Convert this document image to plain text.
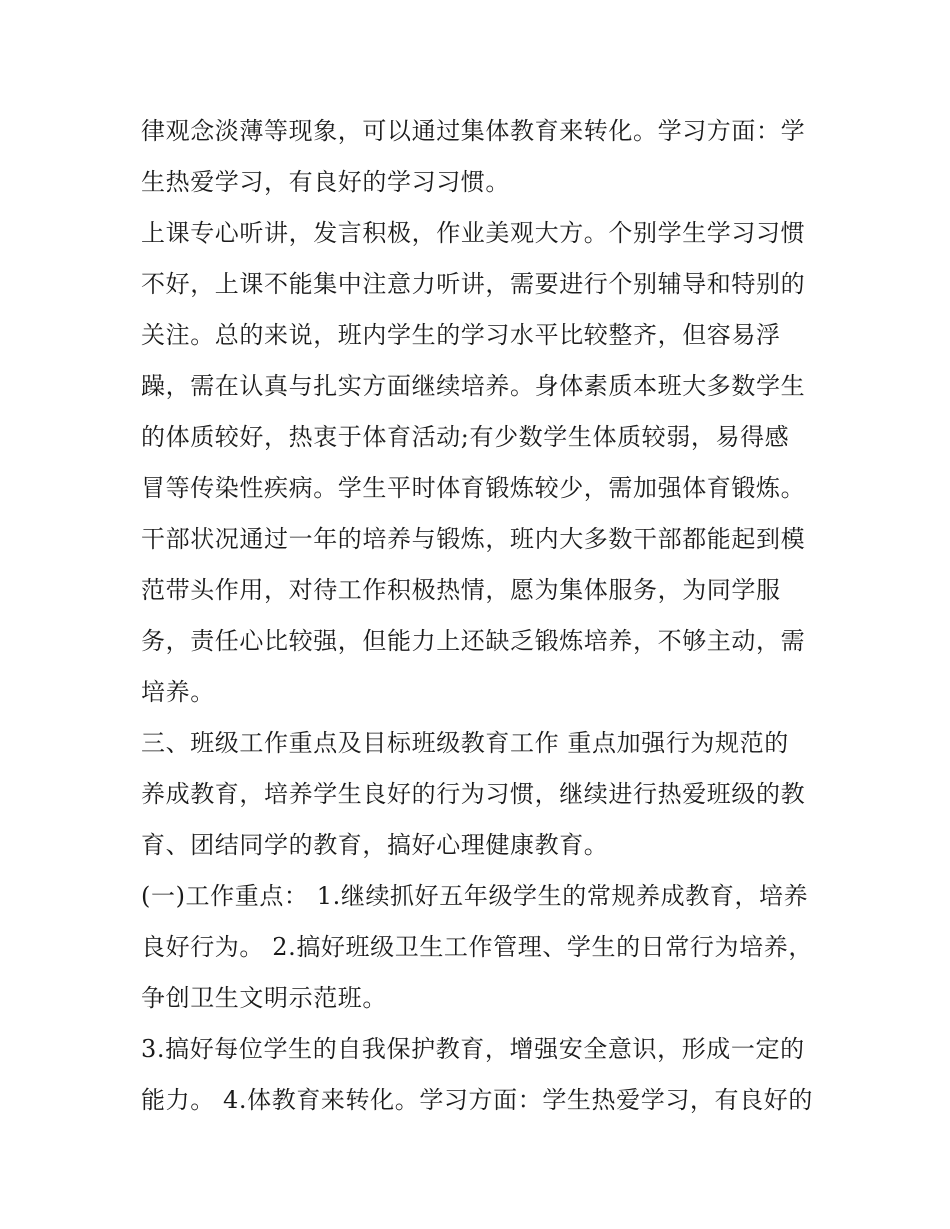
律观念淡薄等现象，可以通过集体教育来转化。学习方面：学
生热爱学习，有良好的学习习惯。
上课专心听讲，发言积极，作业美观大方。个别学生学习习惯
不好，上课不能集中注意力听讲，需要进行个别辅导和特别的
关注。总的来说，班内学生的学习水平比较整齐，但容易浮
躁，需在认真与扎实方面继续培养。身体素质本班大多数学生
的体质较好，热衷于体育活动;有少数学生体质较弱，易得感
冒等传染性疾病。学生平时体育锻炼较少，需加强体育锻炼。
干部状况通过一年的培养与锻炼，班内大多数干部都能起到模
范带头作用，对待工作积极热情，愿为集体服务，为同学服
务，责任心比较强，但能力上还缺乏锻炼培养，不够主动，需
培养。
三、班级工作重点及目标班级教育工作 重点加强行为规范的
养成教育，培养学生良好的行为习惯，继续进行热爱班级的教
育、团结同学的教育，搞好心理健康教育。
(一)工作重点： 1.继续抓好五年级学生的常规养成教育，培养
良好行为。 2.搞好班级卫生工作管理、学生的日常行为培养，
争创卫生文明示范班。
3.搞好每位学生的自我保护教育，增强安全意识，形成一定的
能力。 4.体教育来转化。学习方面：学生热爱学习，有良好的
